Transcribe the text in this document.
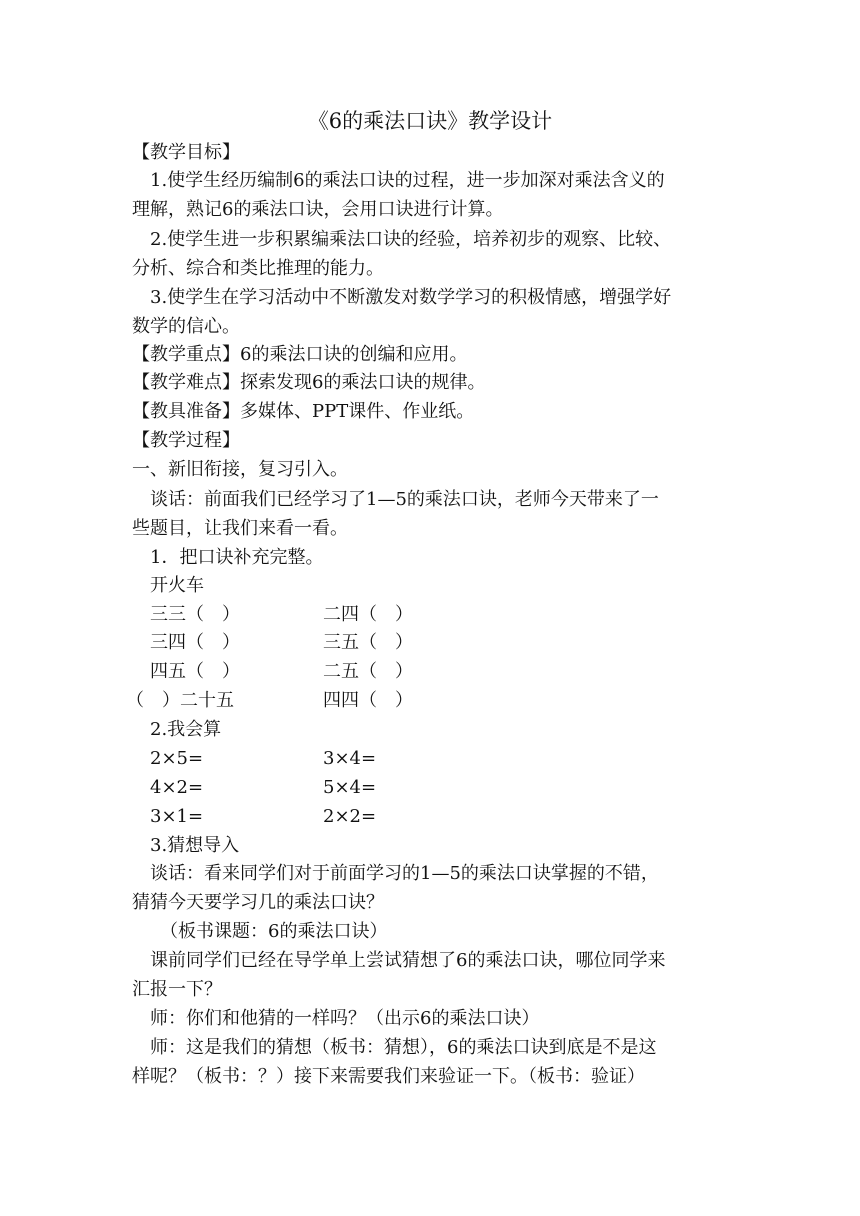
《6的乘法口诀》教学设计
【教学目标】
1.使学生经历编制6的乘法口诀的过程，进一步加深对乘法含义的
理解，熟记6的乘法口诀，会用口诀进行计算。
2.使学生进一步积累编乘法口诀的经验，培养初步的观察、比较、
分析、综合和类比推理的能力。
3.使学生在学习活动中不断激发对数学学习的积极情感，增强学好
数学的信心。
【教学重点】6的乘法口诀的创编和应用。
【教学难点】探索发现6的乘法口诀的规律。
【教具准备】多媒体、PPT课件、作业纸。
【教学过程】
一、新旧衔接，复习引入。
谈话：前面我们已经学习了1—5的乘法口诀，老师今天带来了一
些题目，让我们来看一看。
1．把口诀补充完整。
开火车
三三（　）	二四（　）
三四（　）	三五（　）
四五（　）	二五（　）
（　）二十五	四四（　）
2.我会算
2×5=	3×4=
4×2=	5×4=
3×1=	2×2=
3.猜想导入
谈话：看来同学们对于前面学习的1—5的乘法口诀掌握的不错，
猜猜今天要学习几的乘法口诀？
（板书课题：6的乘法口诀）
课前同学们已经在导学单上尝试猜想了6的乘法口诀，哪位同学来
汇报一下？
师：你们和他猜的一样吗？（出示6的乘法口诀）
师：这是我们的猜想（板书：猜想），6的乘法口诀到底是不是这
样呢？（板书：？）接下来需要我们来验证一下。（板书：验证）
